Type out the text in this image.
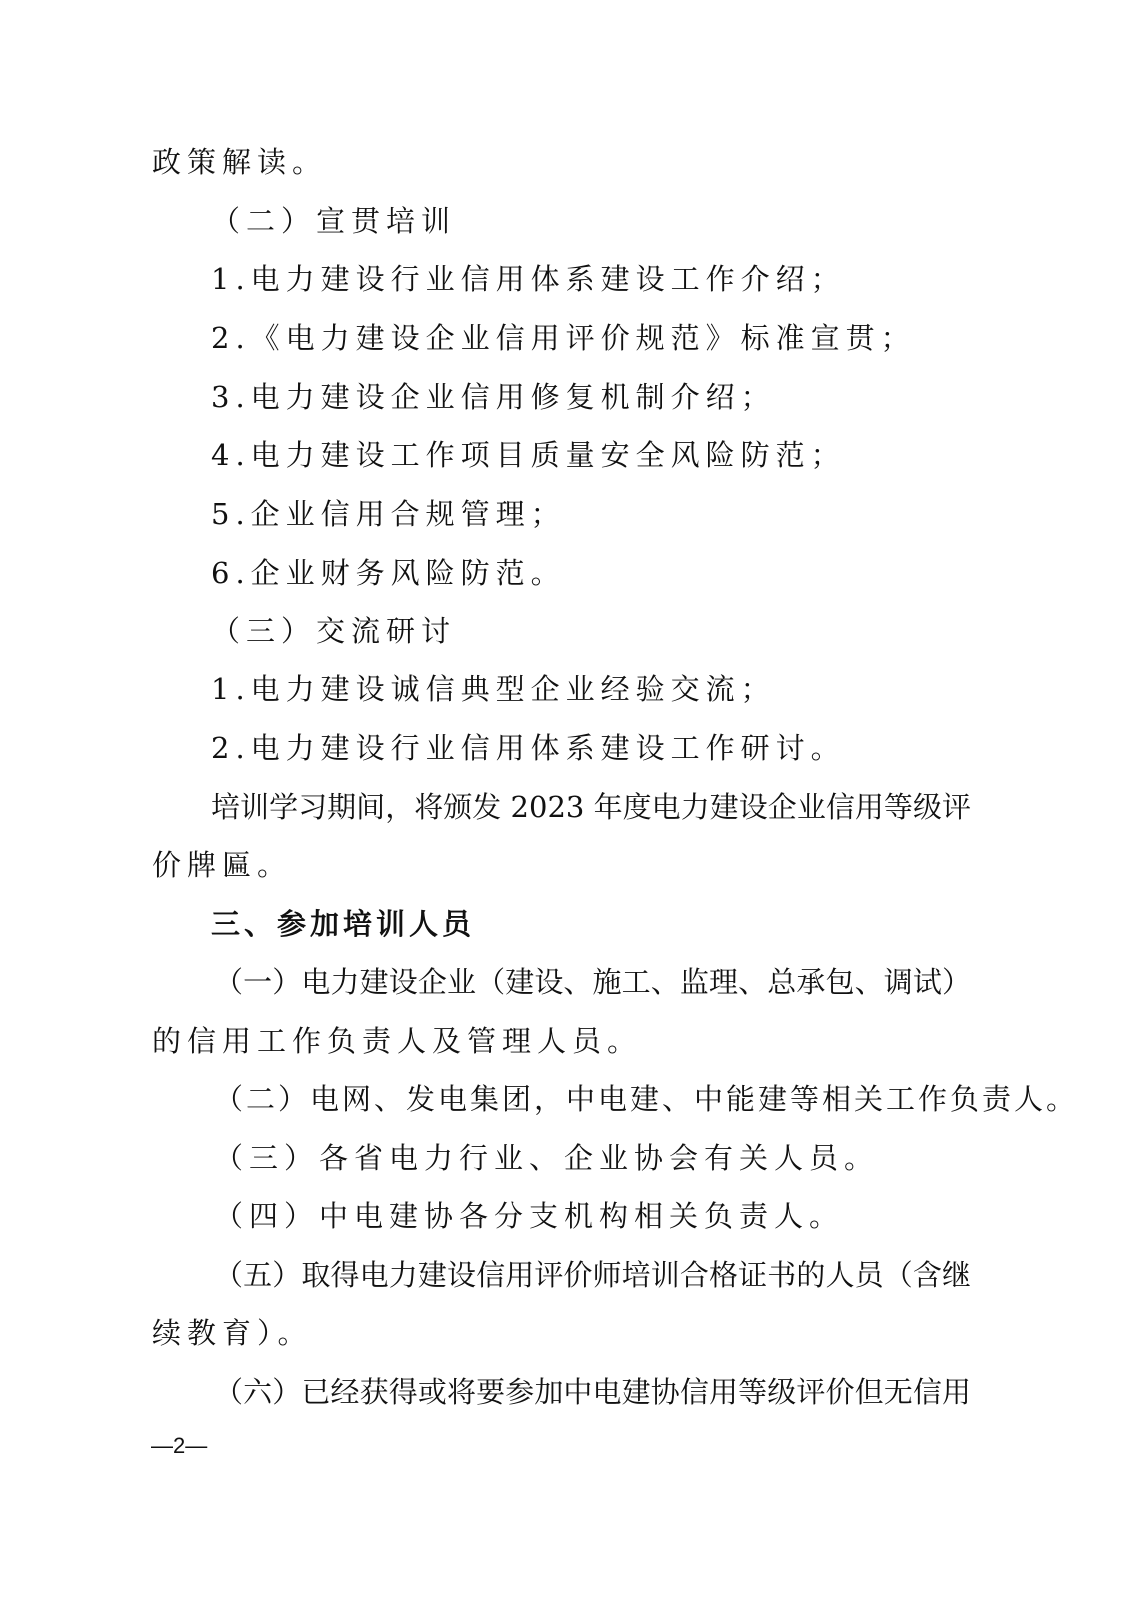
政策解读。
（二）宣贯培训
1.电力建设行业信用体系建设工作介绍；
2.《电力建设企业信用评价规范》标准宣贯；
3.电力建设企业信用修复机制介绍；
4.电力建设工作项目质量安全风险防范；
5.企业信用合规管理；
6.企业财务风险防范。
（三）交流研讨
1.电力建设诚信典型企业经验交流；
2.电力建设行业信用体系建设工作研讨。
培训学习期间，将颁发 2023 年度电力建设企业信用等级评
价牌匾。
三、参加培训人员
（一）电力建设企业（建设、施工、监理、总承包、调试）
的信用工作负责人及管理人员。
（二）电网、发电集团，中电建、中能建等相关工作负责人。
（三）各省电力行业、企业协会有关人员。
（四）中电建协各分支机构相关负责人。
（五）取得电力建设信用评价师培训合格证书的人员（含继
续教育）。
（六）已经获得或将要参加中电建协信用等级评价但无信用
—2—
